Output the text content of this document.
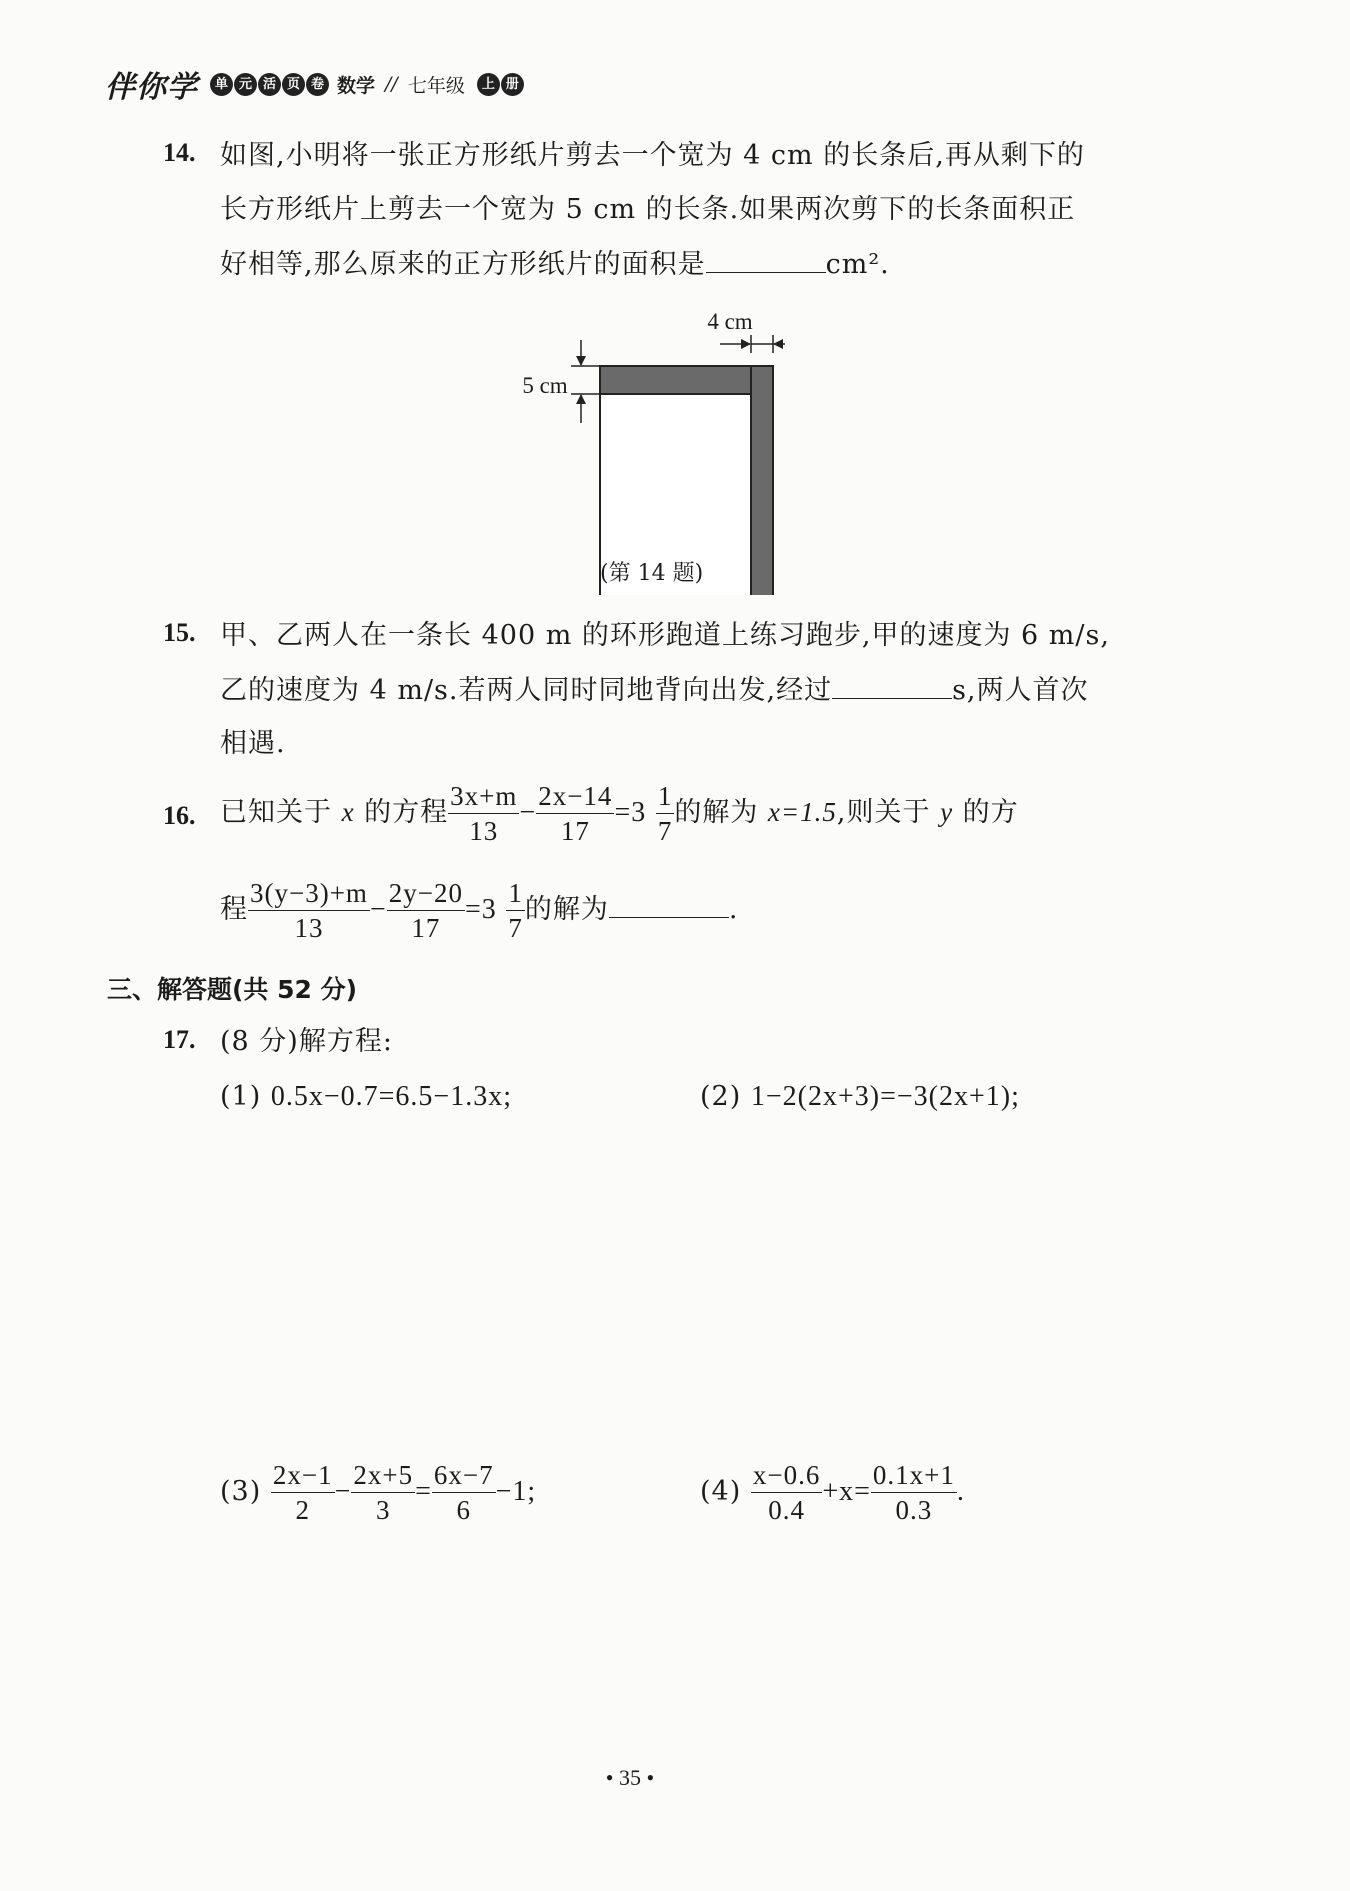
伴你学	单 元 活 页 卷 数学 // 七年级	上 册
14. 如图,小明将一张正方形纸片剪去一个宽为 4 cm 的长条后,再从剩下的
长方形纸片上剪去一个宽为 5 cm 的长条.如果两次剪下的长条面积正
好相等,那么原来的正方形纸片的面积是	cm².
4 cm
5 cm
(第 14 题)
15. 甲、乙两人在一条长 400 m 的环形跑道上练习跑步,甲的速度为 6 m/s,
乙的速度为 4 m/s.若两人同时同地背向出发,经过	s,两人首次
相遇.
16. 已知关于 x 的方程 $\frac{3x+m}{13} - \frac{2x-14}{17} =3 \frac{1}{7}$ 的解为 x=1.5,则关于 y 的方
程 $\frac{3(y-3)+m}{13} - \frac{2y-20}{17} =3 \frac{1}{7}$ 的解为	.
三、解答题(共 52 分)
17. (8 分)解方程:
(1) 0.5x−0.7=6.5−1.3x;	(2) 1−2(2x+3)=−3(2x+1);
$(3) \frac{2x-1}{2} - \frac{2x+5}{3} = \frac{6x-7}{6} -1$;	$(4) \frac{x-0.6}{0.4} +x= \frac{0.1x+1}{0.3}$ .
• 35 •
